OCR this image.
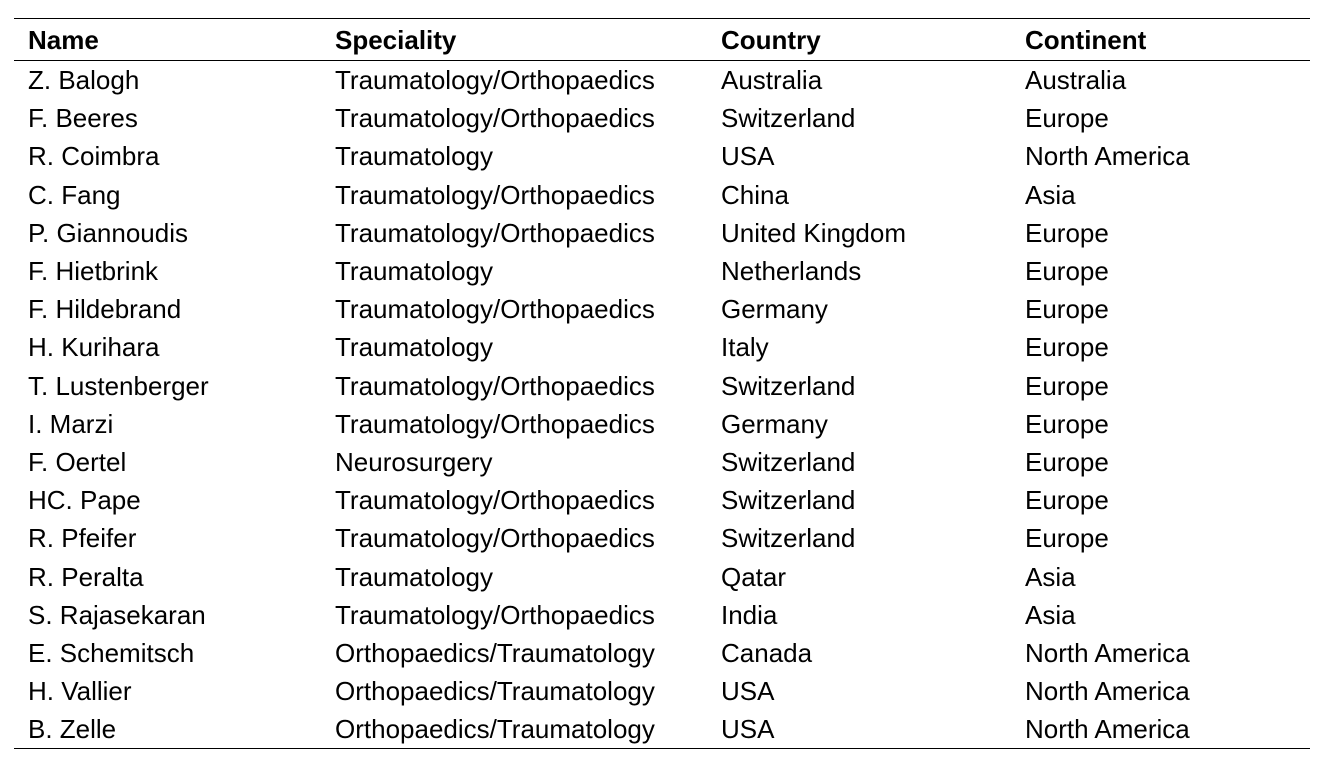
Name	Speciality	Country	Continent
Z. Balogh	Traumatology/Orthopaedics	Australia	Australia
F. Beeres	Traumatology/Orthopaedics	Switzerland	Europe
R. Coimbra	Traumatology	USA	North America
C. Fang	Traumatology/Orthopaedics	China	Asia
P. Giannoudis	Traumatology/Orthopaedics	United Kingdom	Europe
F. Hietbrink	Traumatology	Netherlands	Europe
F. Hildebrand	Traumatology/Orthopaedics	Germany	Europe
H. Kurihara	Traumatology	Italy	Europe
T. Lustenberger	Traumatology/Orthopaedics	Switzerland	Europe
I. Marzi	Traumatology/Orthopaedics	Germany	Europe
F. Oertel	Neurosurgery	Switzerland	Europe
HC. Pape	Traumatology/Orthopaedics	Switzerland	Europe
R. Pfeifer	Traumatology/Orthopaedics	Switzerland	Europe
R. Peralta	Traumatology	Qatar	Asia
S. Rajasekaran	Traumatology/Orthopaedics	India	Asia
E. Schemitsch	Orthopaedics/Traumatology	Canada	North America
H. Vallier	Orthopaedics/Traumatology	USA	North America
B. Zelle	Orthopaedics/Traumatology	USA	North America
